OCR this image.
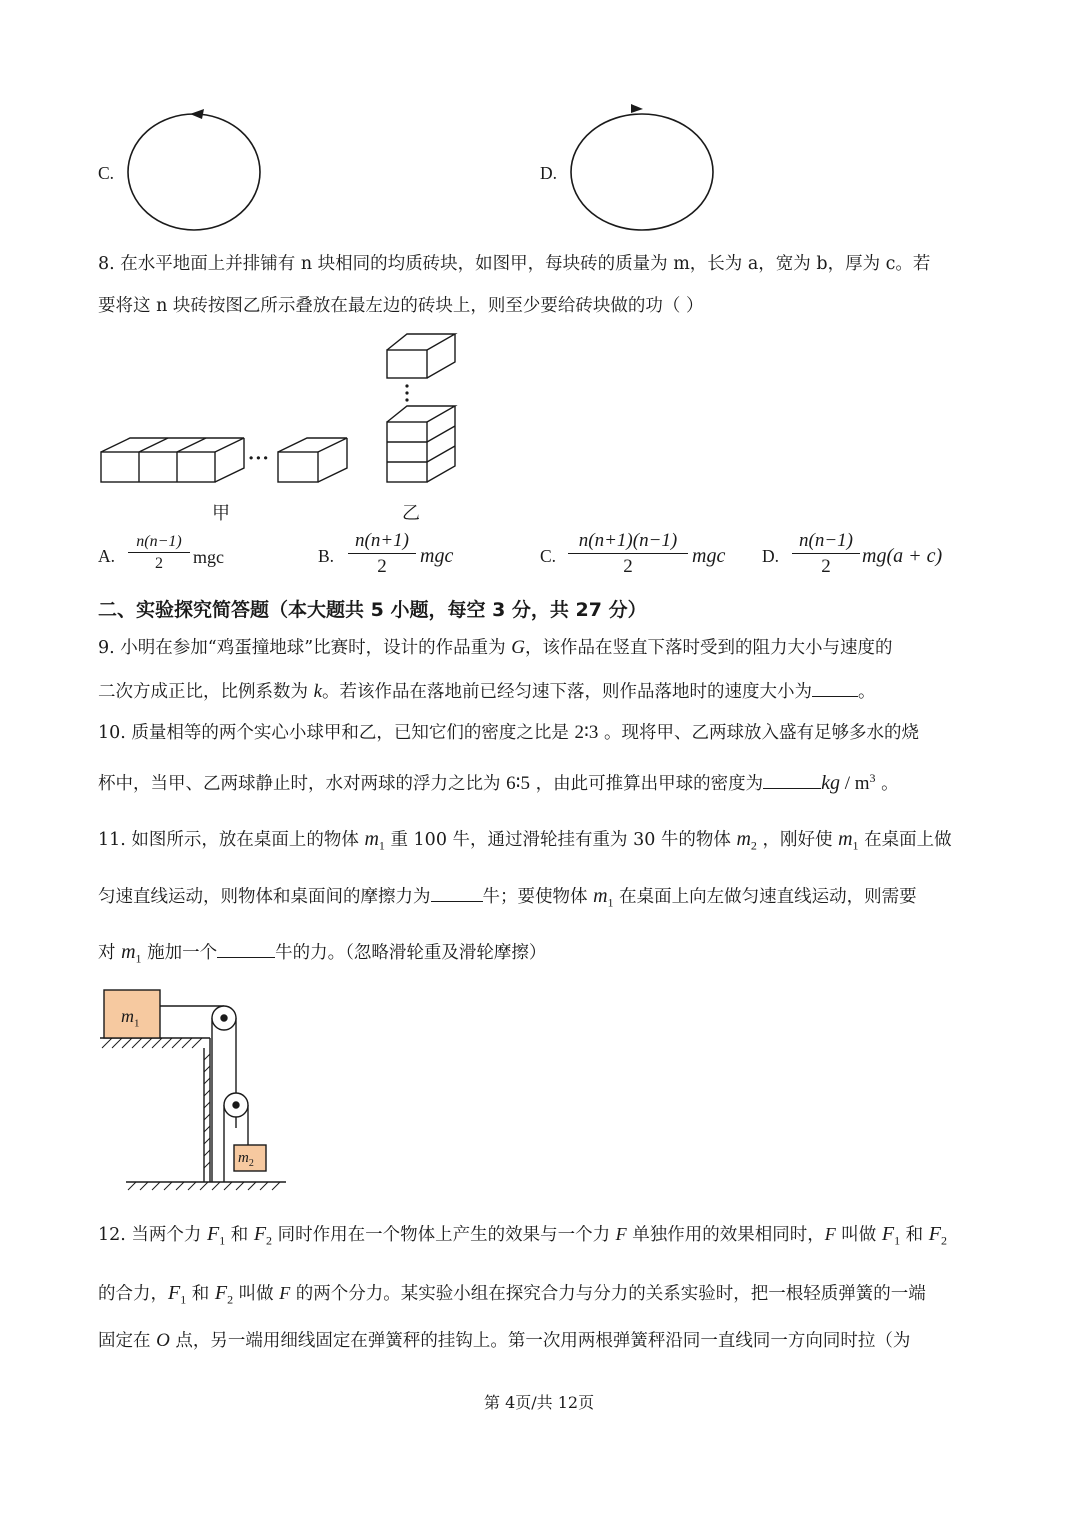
C.	D.
8. 在水平地面上并排铺有 n 块相同的均质砖块，如图甲，每块砖的质量为 m，长为 a，宽为 b，厚为 c。若
要将这 n 块砖按图乙所示叠放在最左边的砖块上，则至少要给砖块做的功（ ）
···
甲	乙
A.
n(n−1)
2	mgc	B.
n(n+1)
2	mgc	C.
n(n+1)(n−1)
2	mgc D.
n(n−1)
2	mg(a + c)
二、实验探究简答题（本大题共 5 小题，每空 3 分，共 27 分）
9. 小明在参加“鸡蛋撞地球”比赛时，设计的作品重为 G，该作品在竖直下落时受到的阻力大小与速度的
二次方成正比，比例系数为 k。若该作品在落地前已经匀速下落，则作品落地时的速度大小为	。
10. 质量相等的两个实心小球甲和乙，已知它们的密度之比是 2∶3 。现将甲、乙两球放入盛有足够多水的烧
杯中，当甲、乙两球静止时，水对两球的浮力之比为 6∶5 ，由此可推算出甲球的密度为	kg / $m^3$ 。
11. 如图所示，放在桌面上的物体 $m_1$ 重 100 牛，通过滑轮挂有重为 30 牛的物体 $m_2$ ，刚好使 $m_1$ 在桌面上做
匀速直线运动，则物体和桌面间的摩擦力为	牛；要使物体 $m_1$ 在桌面上向左做匀速直线运动，则需要
对 $m_1$ 施加一个	牛的力。（忽略滑轮重及滑轮摩擦）
$m_1$
$m_2$
12. 当两个力 $F_1$ 和 $F_2$ 同时作用在一个物体上产生的效果与一个力 F 单独作用的效果相同时，F 叫做 $F_1$ 和 $F_2$
的合力，$F_1$ 和 $F_2$ 叫做 F 的两个分力。某实验小组在探究合力与分力的关系实验时，把一根轻质弹簧的一端
固定在 O 点，另一端用细线固定在弹簧秤的挂钩上。第一次用两根弹簧秤沿同一直线同一方向同时拉（为
第 4页/共 12页
